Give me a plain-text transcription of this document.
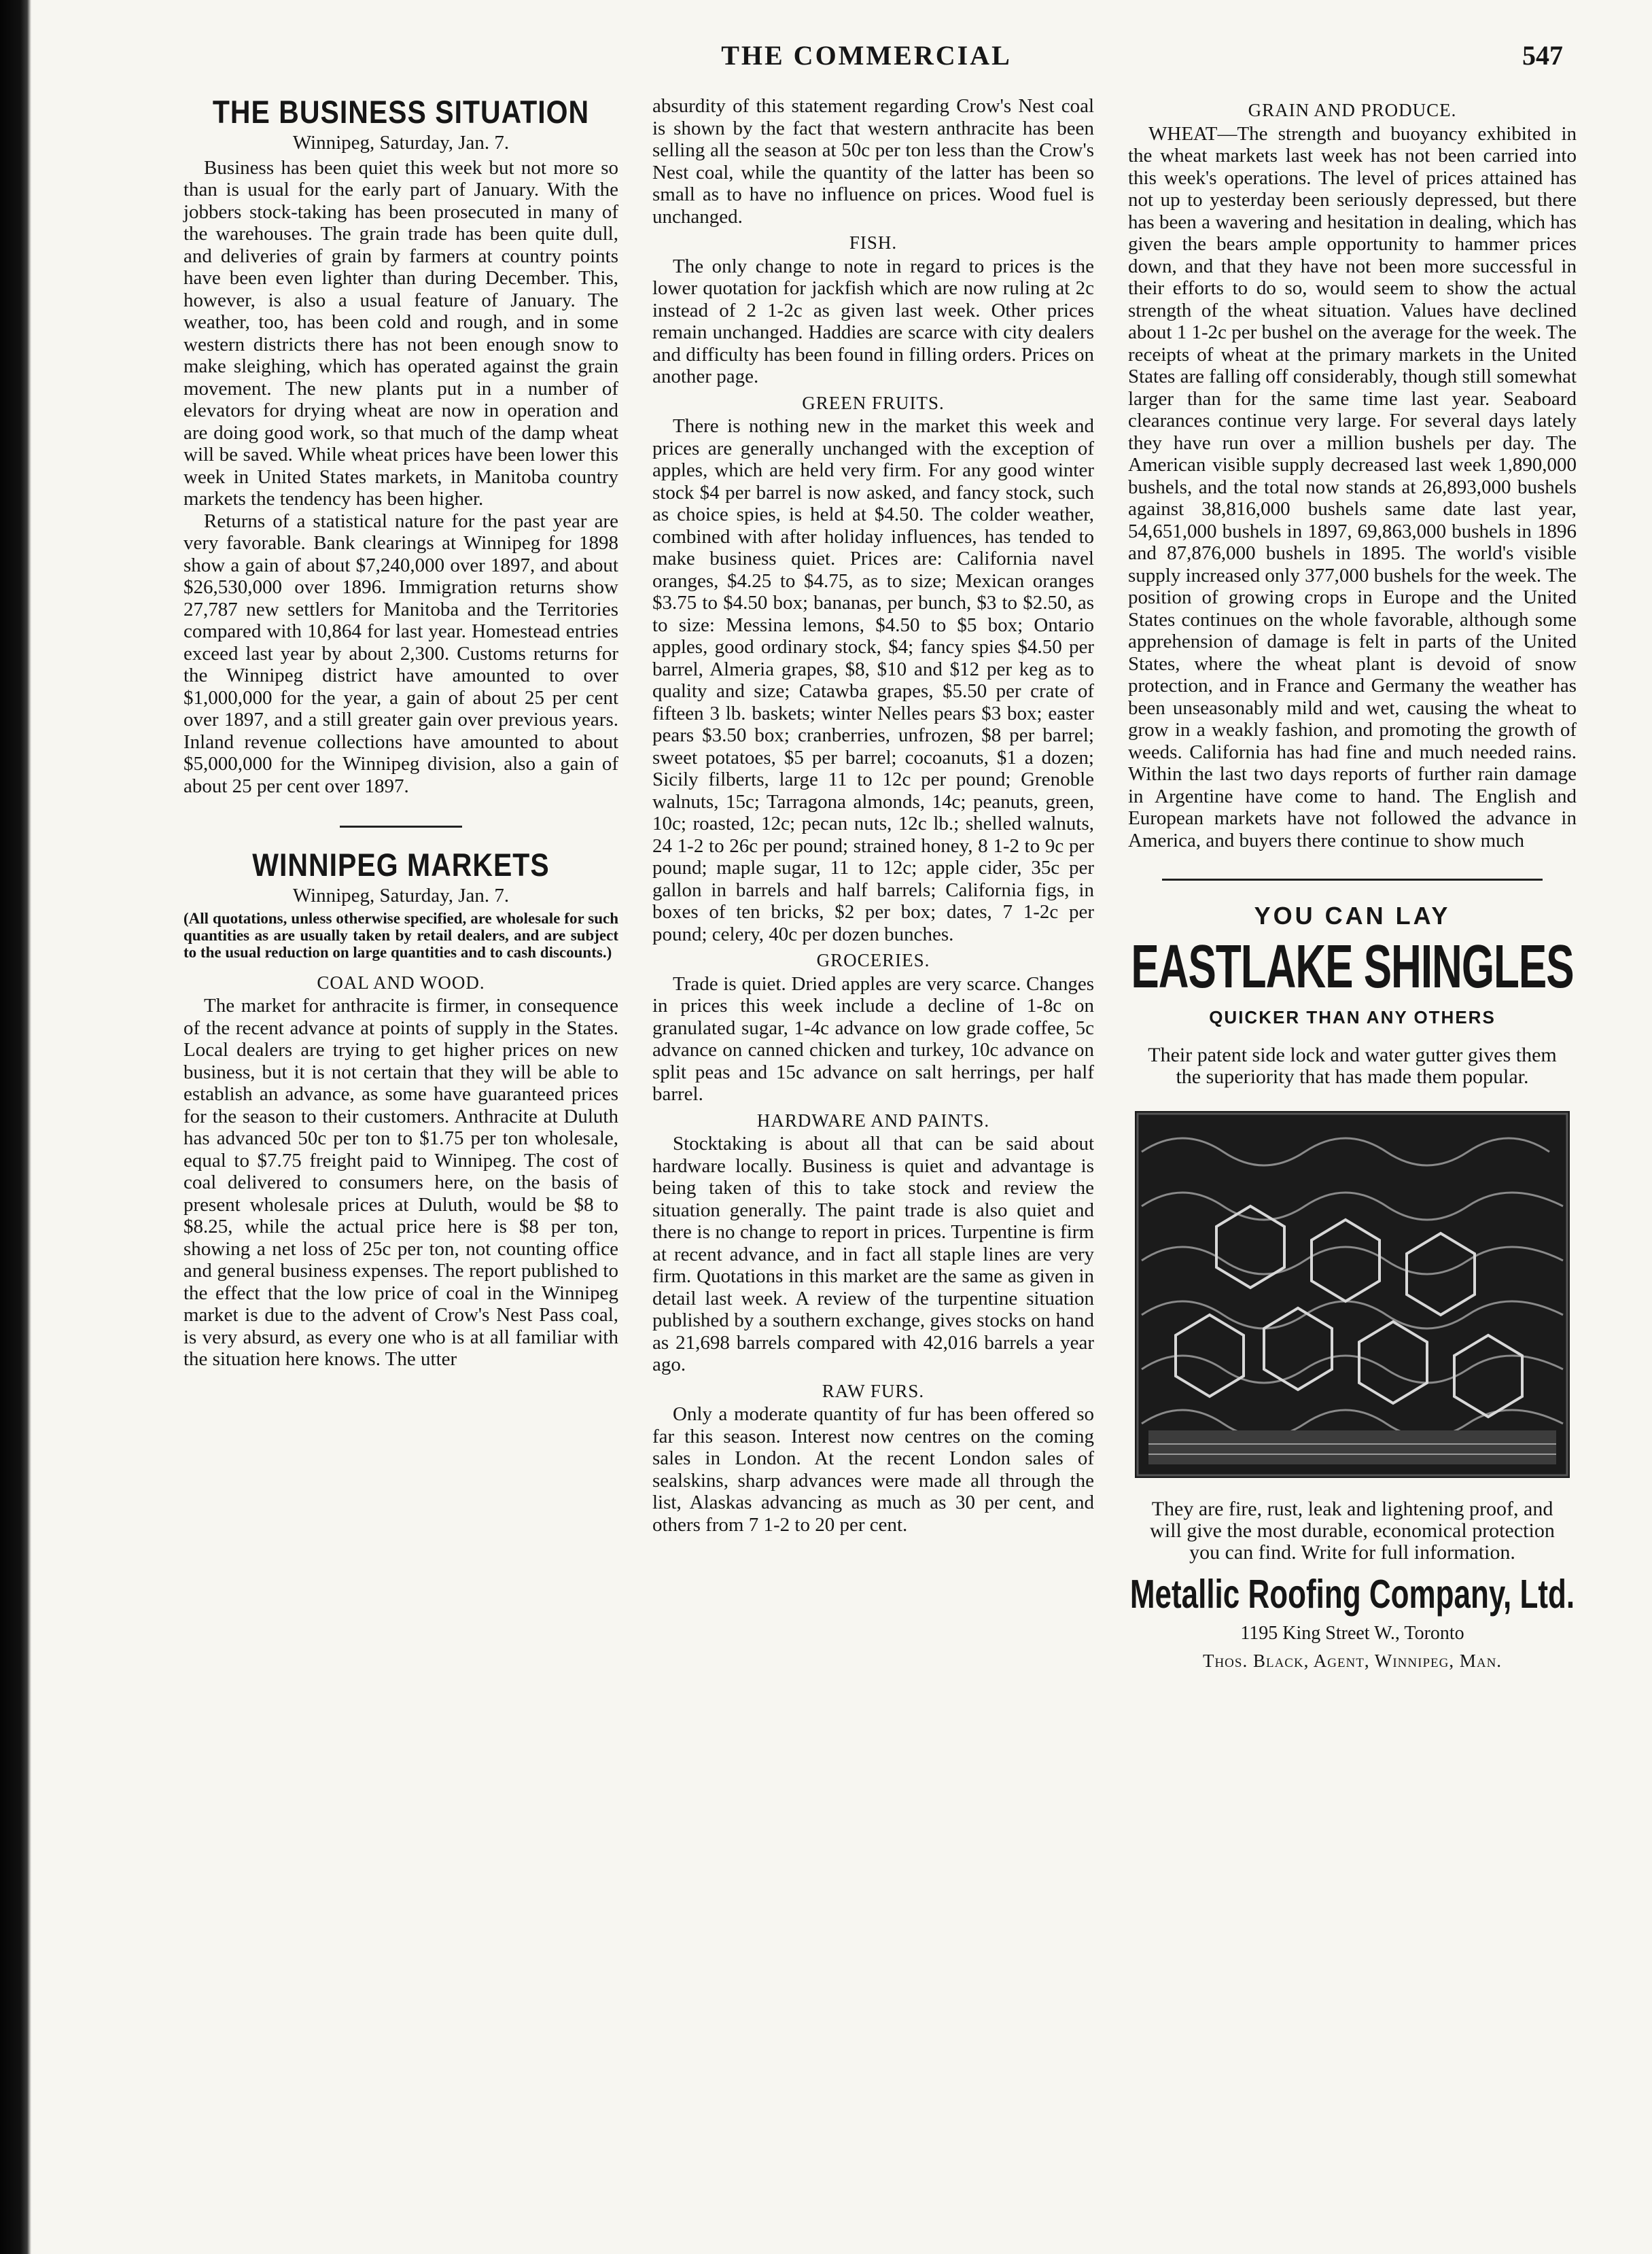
THE COMMERCIAL	547
THE BUSINESS SITUATION
Winnipeg, Saturday, Jan. 7.

Business has been quiet this week but not more so than is usual for the early part of January. With the jobbers stock-taking has been prosecuted in many of the warehouses. The grain trade has been quite dull, and deliveries of grain by farmers at country points have been even lighter than during December. This, however, is also a usual feature of January. The weather, too, has been cold and rough, and in some western districts there has not been enough snow to make sleighing, which has operated against the grain movement. The new plants put in a number of elevators for drying wheat are now in operation and are doing good work, so that much of the damp wheat will be saved. While wheat prices have been lower this week in United States markets, in Manitoba country markets the tendency has been higher.

Returns of a statistical nature for the past year are very favorable. Bank clearings at Winnipeg for 1898 show a gain of about $7,240,000 over 1897, and about $26,530,000 over 1896. Immigration returns show 27,787 new settlers for Manitoba and the Territories compared with 10,864 for last year. Homestead entries exceed last year by about 2,300. Customs returns for the Winnipeg district have amounted to over $1,000,000 for the year, a gain of about 25 per cent over 1897, and a still greater gain over previous years. Inland revenue collections have amounted to about $5,000,000 for the Winnipeg division, also a gain of about 25 per cent over 1897.

WINNIPEG MARKETS
Winnipeg, Saturday, Jan. 7.
(All quotations, unless otherwise specified, are wholesale for such quantities as are usually taken by retail dealers, and are subject to the usual reduction on large quantities and to cash discounts.)
COAL AND WOOD.

The market for anthracite is firmer, in consequence of the recent advance at points of supply in the States. Local dealers are trying to get higher prices on new business, but it is not certain that they will be able to establish an advance, as some have guaranteed prices for the season to their customers. Anthracite at Duluth has advanced 50c per ton to $1.75 per ton wholesale, equal to $7.75 freight paid to Winnipeg. The cost of coal delivered to consumers here, on the basis of present wholesale prices at Duluth, would be $8 to $8.25, while the actual price here is $8 per ton, showing a net loss of 25c per ton, not counting office and general business expenses. The report published to the effect that the low price of coal in the Winnipeg market is due to the advent of Crow's Nest Pass coal, is very absurd, as every one who is at all familiar with the situation here knows. The utter

absurdity of this statement regarding Crow's Nest coal is shown by the fact that western anthracite has been selling all the season at 50c per ton less than the Crow's Nest coal, while the quantity of the latter has been so small as to have no influence on prices. Wood fuel is unchanged.

FISH.

The only change to note in regard to prices is the lower quotation for jackfish which are now ruling at 2c instead of 2 1-2c as given last week. Other prices remain unchanged. Haddies are scarce with city dealers and difficulty has been found in filling orders. Prices on another page.

GREEN FRUITS.

There is nothing new in the market this week and prices are generally unchanged with the exception of apples, which are held very firm. For any good winter stock $4 per barrel is now asked, and fancy stock, such as choice spies, is held at $4.50. The colder weather, combined with after holiday influences, has tended to make business quiet. Prices are: California navel oranges, $4.25 to $4.75, as to size; Mexican oranges $3.75 to $4.50 box; bananas, per bunch, $3 to $2.50, as to size: Messina lemons, $4.50 to $5 box; Ontario apples, good ordinary stock, $4; fancy spies $4.50 per barrel, Almeria grapes, $8, $10 and $12 per keg as to quality and size; Catawba grapes, $5.50 per crate of fifteen 3 lb. baskets; winter Nelles pears $3 box; easter pears $3.50 box; cranberries, unfrozen, $8 per barrel; sweet potatoes, $5 per barrel; cocoanuts, $1 a dozen; Sicily filberts, large 11 to 12c per pound; Grenoble walnuts, 15c; Tarragona almonds, 14c; peanuts, green, 10c; roasted, 12c; pecan nuts, 12c lb.; shelled walnuts, 24 1-2 to 26c per pound; strained honey, 8 1-2 to 9c per pound; maple sugar, 11 to 12c; apple cider, 35c per gallon in barrels and half barrels; California figs, in boxes of ten bricks, $2 per box; dates, 7 1-2c per pound; celery, 40c per dozen bunches.

GROCERIES.

Trade is quiet. Dried apples are very scarce. Changes in prices this week include a decline of 1-8c on granulated sugar, 1-4c advance on low grade coffee, 5c advance on canned chicken and turkey, 10c advance on split peas and 15c advance on salt herrings, per half barrel.

HARDWARE AND PAINTS.

Stocktaking is about all that can be said about hardware locally. Business is quiet and advantage is being taken of this to take stock and review the situation generally. The paint trade is also quiet and there is no change to report in prices. Turpentine is firm at recent advance, and in fact all staple lines are very firm. Quotations in this market are the same as given in detail last week. A review of the turpentine situation published by a southern exchange, gives stocks on hand as 21,698 barrels compared with 42,016 barrels a year ago.

RAW FURS.

Only a moderate quantity of fur has been offered so far this season. Interest now centres on the coming sales in London. At the recent London sales of sealskins, sharp advances were made all through the list, Alaskas advancing as much as 30 per cent, and others from 7 1-2 to 20 per cent.

GRAIN AND PRODUCE.

WHEAT—The strength and buoyancy exhibited in the wheat markets last week has not been carried into this week's operations. The level of prices attained has not up to yesterday been seriously depressed, but there has been a wavering and hesitation in dealing, which has given the bears ample opportunity to hammer prices down, and that they have not been more successful in their efforts to do so, would seem to show the actual strength of the wheat situation. Values have declined about 1 1-2c per bushel on the average for the week. The receipts of wheat at the primary markets in the United States are falling off considerably, though still somewhat larger than for the same time last year. Seaboard clearances continue very large. For several days lately they have run over a million bushels per day. The American visible supply decreased last week 1,890,000 bushels, and the total now stands at 26,893,000 bushels against 38,816,000 bushels same date last year, 54,651,000 bushels in 1897, 69,863,000 bushels in 1896 and 87,876,000 bushels in 1895. The world's visible supply increased only 377,000 bushels for the week. The position of growing crops in Europe and the United States continues on the whole favorable, although some apprehension of damage is felt in parts of the United States, where the wheat plant is devoid of snow protection, and in France and Germany the weather has been unseasonably mild and wet, causing the wheat to grow in a weakly fashion, and promoting the growth of weeds. California has had fine and much needed rains. Within the last two days reports of further rain damage in Argentine have come to hand. The English and European markets have not followed the advance in America, and buyers there continue to show much

YOU CAN LAY
EASTLAKE SHINGLES
QUICKER THAN ANY OTHERS
Their patent side lock and water gutter gives them the superiority that has made them popular.
They are fire, rust, leak and lightening proof, and will give the most durable, economical protection you can find. Write for full information.
Metallic Roofing Company, Ltd.
1195 King Street W., Toronto
Thos. Black, Agent, Winnipeg, Man.
